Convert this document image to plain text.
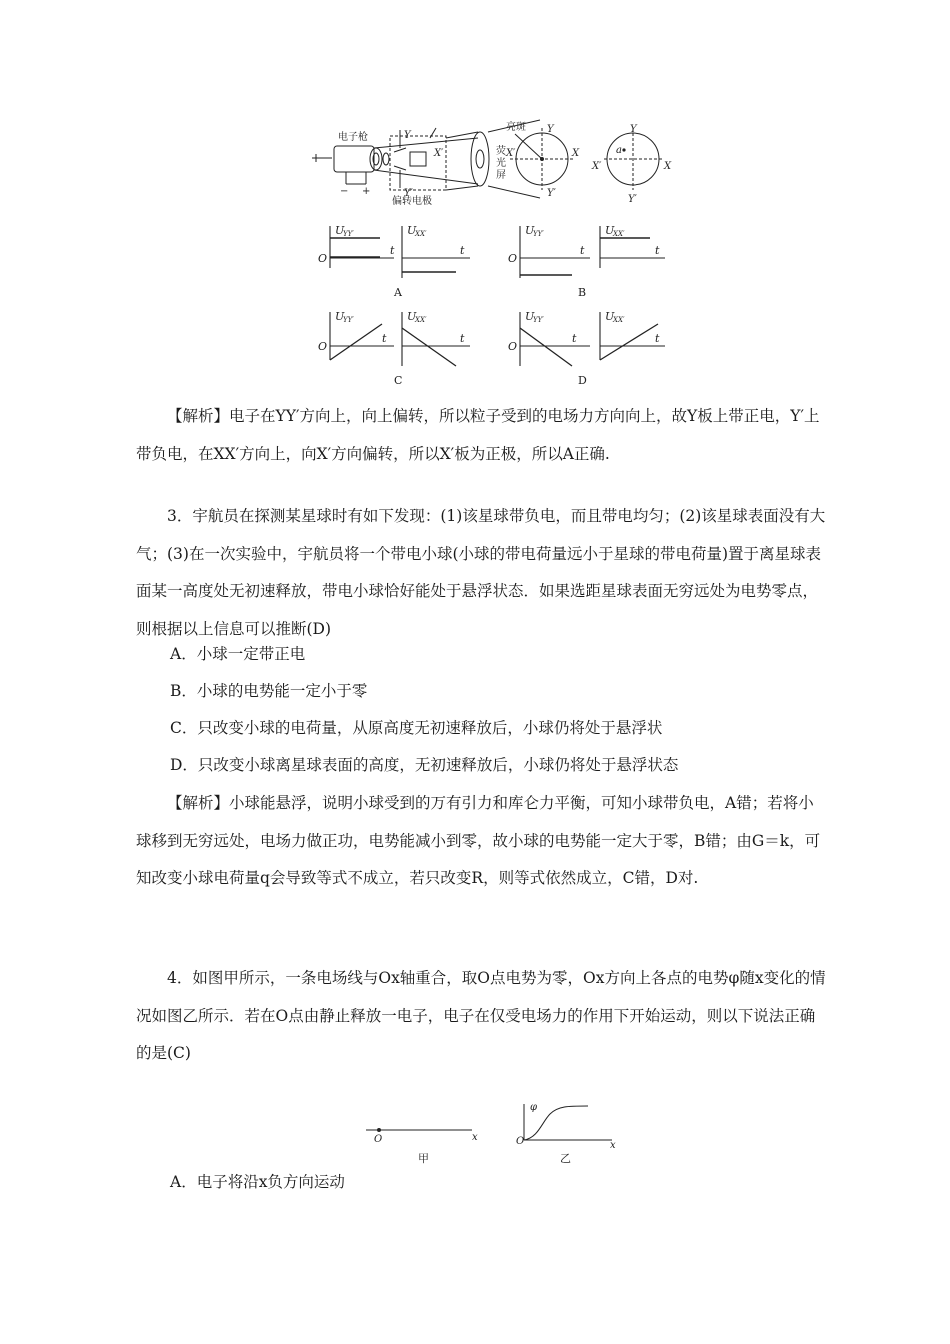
电子枪
偏转电极
亮斑
荧
光
屏
Y
Y′
X′
Y
Y′
X
X′
Y
Y′
X
X′
a
− +
O
U
YY′
t
U
XX′
t
O
U
YY′
t
U
XX′
t
O
U
YY′
t
U
XX′
t
O
U
YY′
t
U
XX′
t
A	B
C	D

【解析】电子在YY′方向上，向上偏转，所以粒子受到的电场力方向向上，故Y板上带正电，Y′上带负电，在XX′方向上，向X′方向偏转，所以X′板为正极，所以A正确.

3．宇航员在探测某星球时有如下发现：(1)该星球带负电，而且带电均匀；(2)该星球表面没有大气；(3)在一次实验中，宇航员将一个带电小球(小球的带电荷量远小于星球的带电荷量)置于离星球表面某一高度处无初速释放，带电小球恰好能处于悬浮状态．如果选距星球表面无穷远处为电势零点，则根据以上信息可以推断(D)

A．小球一定带正电

B．小球的电势能一定小于零

C．只改变小球的电荷量，从原高度无初速释放后，小球仍将处于悬浮状

D．只改变小球离星球表面的高度，无初速释放后，小球仍将处于悬浮状态

【解析】小球能悬浮，说明小球受到的万有引力和库仑力平衡，可知小球带负电，A错；若将小球移到无穷远处，电场力做正功，电势能减小到零，故小球的电势能一定大于零，B错；由G＝k，可知改变小球电荷量q会导致等式不成立，若只改变R，则等式依然成立，C错，D对.

4．如图甲所示，一条电场线与Ox轴重合，取O点电势为零，Ox方向上各点的电势φ随x变化的情况如图乙所示．若在O点由静止释放一电子，电子在仅受电场力的作用下开始运动，则以下说法正确的是(C)

O	x
φ
O	x
甲	乙

A．电子将沿x负方向运动
